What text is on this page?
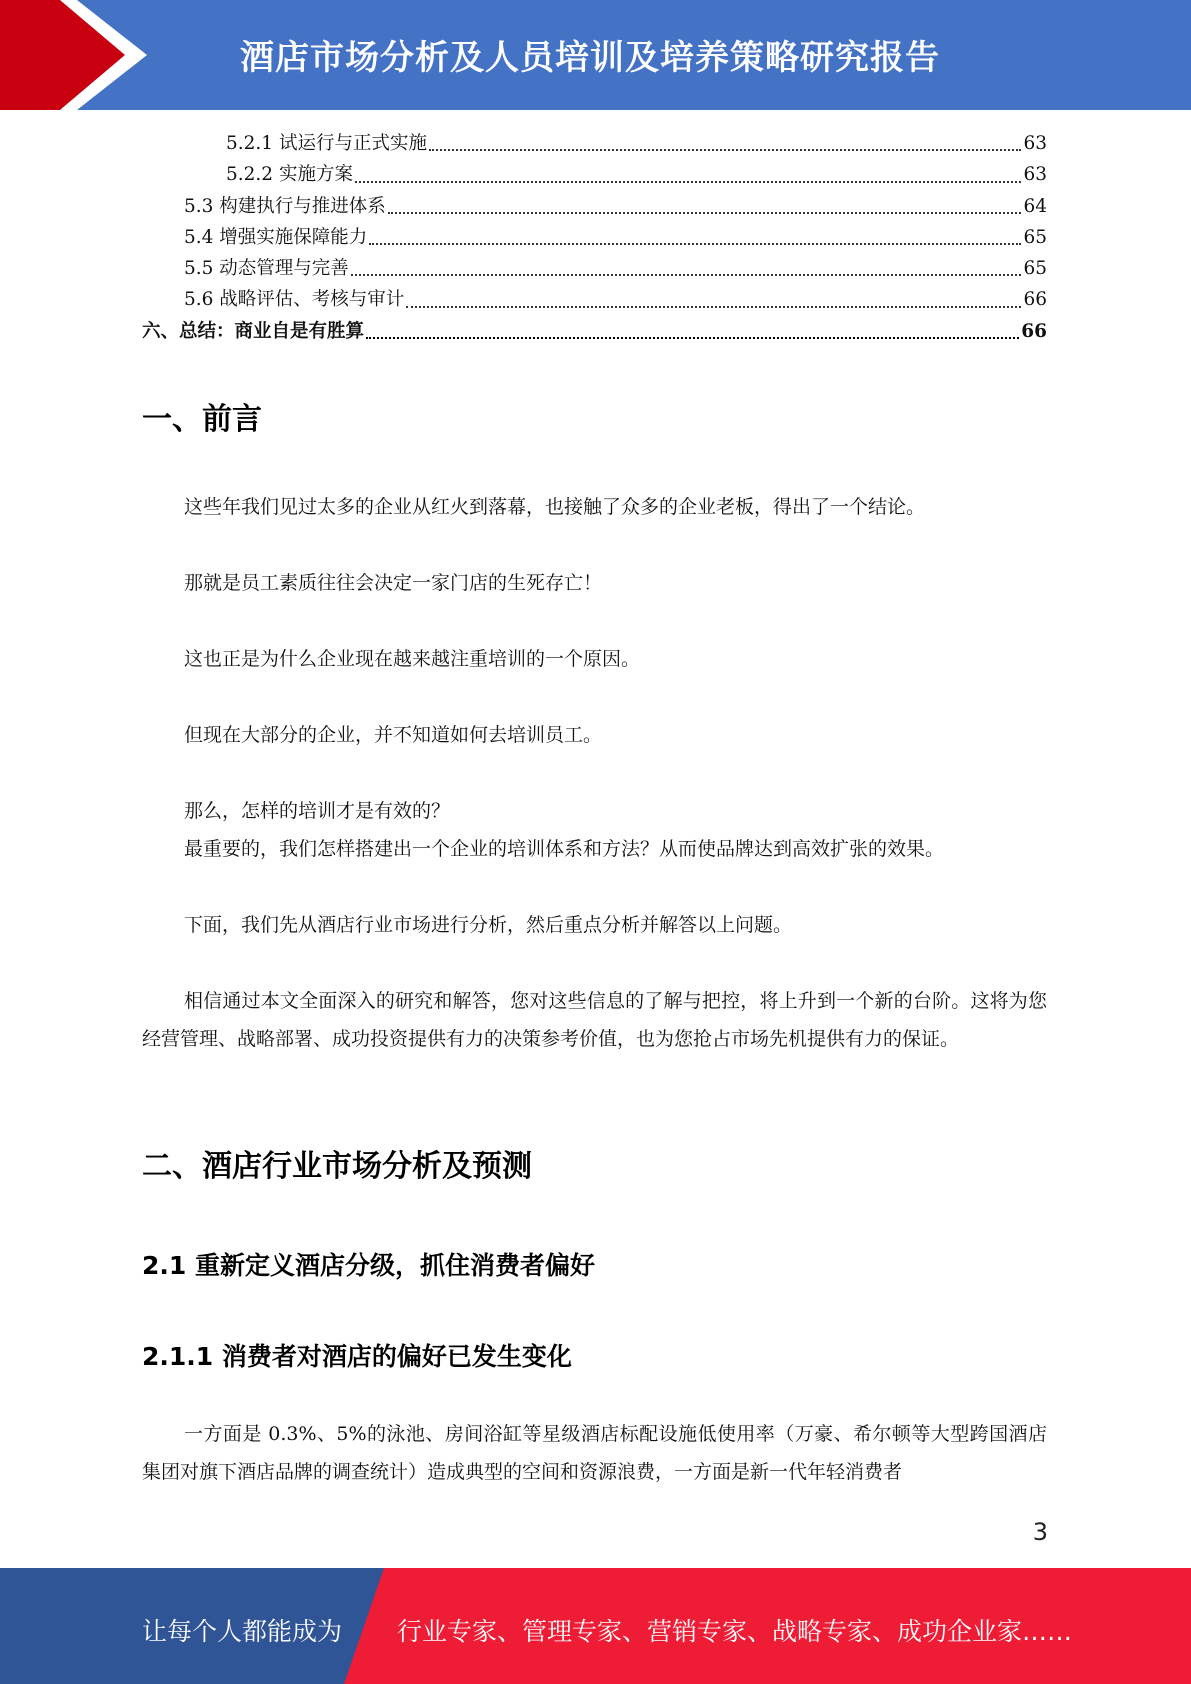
酒店市场分析及人员培训及培养策略研究报告
5.2.1 试运行与正式实施	63
5.2.2 实施方案	63
5.3 构建执行与推进体系	64
5.4 增强实施保障能力	65
5.5 动态管理与完善	65
5.6 战略评估、考核与审计	66
六、总结：商业自是有胜算	66
一、前言

这些年我们见过太多的企业从红火到落幕，也接触了众多的企业老板，得出了一个结论。

那就是员工素质往往会决定一家门店的生死存亡！

这也正是为什么企业现在越来越注重培训的一个原因。

但现在大部分的企业，并不知道如何去培训员工。

那么，怎样的培训才是有效的？

最重要的，我们怎样搭建出一个企业的培训体系和方法？从而使品牌达到高效扩张的效果。

下面，我们先从酒店行业市场进行分析，然后重点分析并解答以上问题。

相信通过本文全面深入的研究和解答，您对这些信息的了解与把控，将上升到一个新的台阶。这将为您经营管理、战略部署、成功投资提供有力的决策参考价值，也为您抢占市场先机提供有力的保证。

二、酒店行业市场分析及预测
2.1 重新定义酒店分级，抓住消费者偏好
2.1.1 消费者对酒店的偏好已发生变化

一方面是 0.3%、5%的泳池、房间浴缸等星级酒店标配设施低使用率（万豪、希尔顿等大型跨国酒店集团对旗下酒店品牌的调查统计）造成典型的空间和资源浪费，一方面是新一代年轻消费者

3
让每个人都能成为 行业专家、管理专家、营销专家、战略专家、成功企业家……
